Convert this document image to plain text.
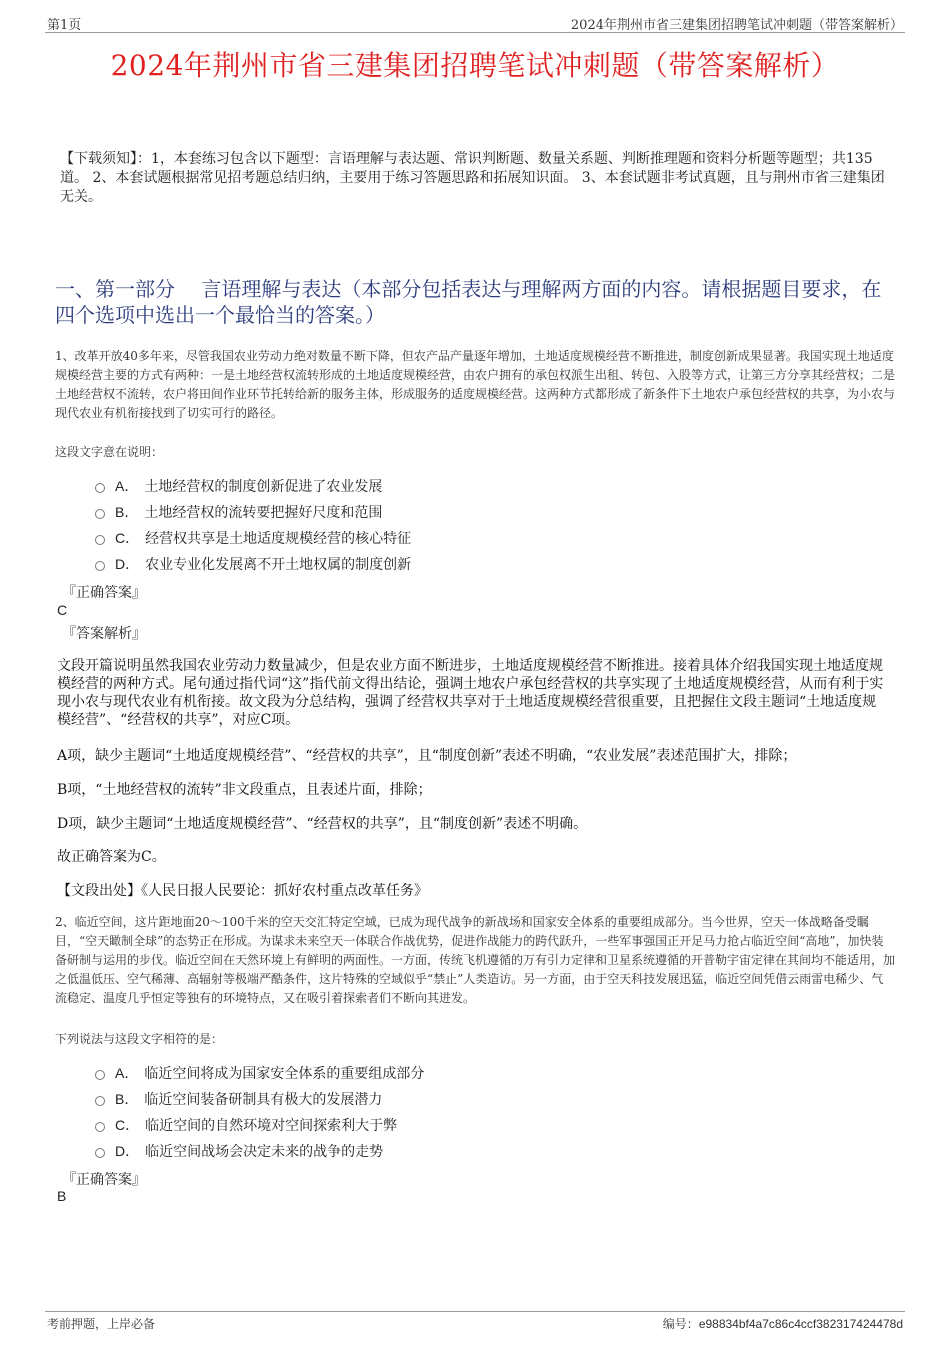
第1页	2024年荆州市省三建集团招聘笔试冲刺题（带答案解析）
2024年荆州市省三建集团招聘笔试冲刺题（带答案解析）
【下载须知】：1，本套练习包含以下题型：言语理解与表达题、常识判断题、数量关系题、判断推理题和资料分析题等题型；共135道。 2、本套试题根据常见招考题总结归纳，主要用于练习答题思路和拓展知识面。 3、本套试题非考试真题，且与荆州市省三建集团无关。
一、第一部分　 言语理解与表达（本部分包括表达与理解两方面的内容。请根据题目要求，在四个选项中选出一个最恰当的答案。）
1、改革开放40多年来，尽管我国农业劳动力绝对数量不断下降，但农产品产量逐年增加，土地适度规模经营不断推进，制度创新成果显著。我国实现土地适度规模经营主要的方式有两种：一是土地经营权流转形成的土地适度规模经营，由农户拥有的承包权派生出租、转包、入股等方式，让第三方分享其经营权；二是土地经营权不流转，农户将田间作业环节托转给新的服务主体，形成服务的适度规模经营。这两种方式都形成了新条件下土地农户承包经营权的共享，为小农与现代农业有机衔接找到了切实可行的路径。
这段文字意在说明：
A． 土地经营权的制度创新促进了农业发展
B． 土地经营权的流转要把握好尺度和范围
C． 经营权共享是土地适度规模经营的核心特征
D． 农业专业化发展离不开土地权属的制度创新
『正确答案』
C
『答案解析』
文段开篇说明虽然我国农业劳动力数量减少，但是农业方面不断进步，土地适度规模经营不断推进。接着具体介绍我国实现土地适度规模经营的两种方式。尾句通过指代词“这”指代前文得出结论，强调土地农户承包经营权的共享实现了土地适度规模经营，从而有利于实现小农与现代农业有机衔接。故文段为分总结构，强调了经营权共享对于土地适度规模经营很重要，且把握住文段主题词“土地适度规模经营”、“经营权的共享”，对应C项。
A项，缺少主题词“土地适度规模经营”、“经营权的共享”，且“制度创新”表述不明确，“农业发展”表述范围扩大，排除；
B项，“土地经营权的流转”非文段重点，且表述片面，排除；
D项，缺少主题词“土地适度规模经营”、“经营权的共享”，且“制度创新”表述不明确。
故正确答案为C。
【文段出处】《人民日报人民要论：抓好农村重点改革任务》
2、临近空间，这片距地面20～100千米的空天交汇特定空域，已成为现代战争的新战场和国家安全体系的重要组成部分。当今世界，空天一体战略备受瞩目，“空天瞰制全球”的态势正在形成。为谋求未来空天一体联合作战优势，促进作战能力的跨代跃升，一些军事强国正开足马力抢占临近空间“高地”，加快装备研制与运用的步伐。临近空间在天然环境上有鲜明的两面性。一方面，传统飞机遵循的万有引力定律和卫星系统遵循的开普勒宇宙定律在其间均不能适用，加之低温低压、空气稀薄、高辐射等极端严酷条件，这片特殊的空域似乎“禁止”人类造访。另一方面，由于空天科技发展迅猛，临近空间凭借云雨雷电稀少、气流稳定、温度几乎恒定等独有的环境特点，又在吸引着探索者们不断向其进发。
下列说法与这段文字相符的是：
A． 临近空间将成为国家安全体系的重要组成部分
B． 临近空间装备研制具有极大的发展潜力
C． 临近空间的自然环境对空间探索利大于弊
D． 临近空间战场会决定未来的战争的走势
『正确答案』
B
考前押题，上岸必备	编号：e98834bf4a7c86c4ccf382317424478d
